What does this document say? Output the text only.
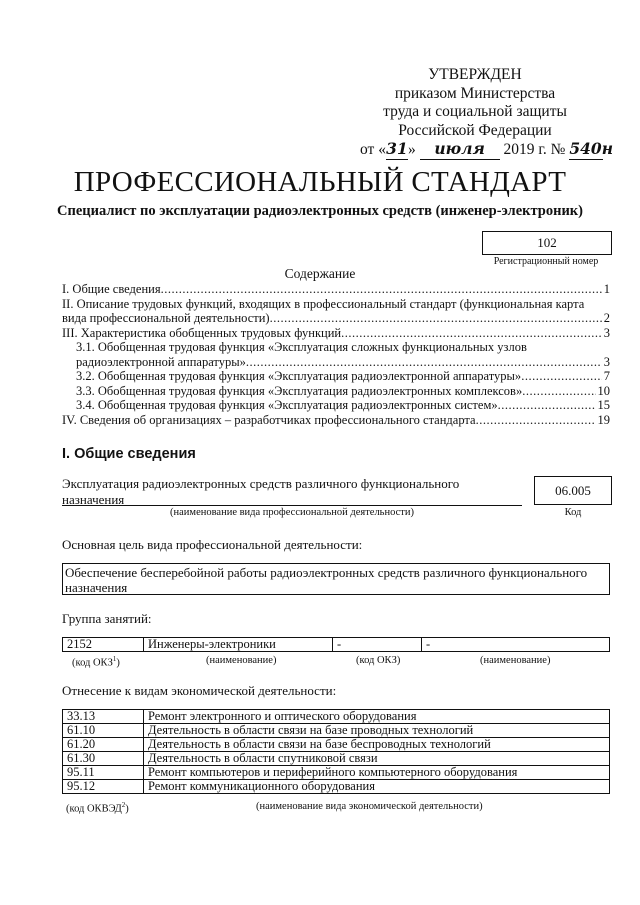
УТВЕРЖДЕН
приказом Министерства
труда и социальной защиты
Российской Федерации
от «31» июля 2019 г. № 540н
ПРОФЕССИОНАЛЬНЫЙ СТАНДАРТ
Специалист по эксплуатации радиоэлектронных средств (инженер-электроник)
102
Регистрационный номер
Содержание
I. Общие сведения .....	1
II. Описание трудовых функций, входящих в профессиональный стандарт (функциональная карта
вида профессиональной деятельности) .....	2
III. Характеристика обобщенных трудовых функций .....	3
3.1. Обобщенная трудовая функция «Эксплуатация сложных функциональных узлов
радиоэлектронной аппаратуры» .....	3
3.2. Обобщенная трудовая функция «Эксплуатация радиоэлектронной аппаратуры» .....	7
3.3. Обобщенная трудовая функция «Эксплуатация радиоэлектронных комплексов» .....	10
3.4. Обобщенная трудовая функция «Эксплуатация радиоэлектронных систем» .....	15
IV. Сведения об организациях – разработчиках профессионального стандарта .....	19
I. Общие сведения
Эксплуатация радиоэлектронных средств различного функционального
назначения
(наименование вида профессиональной деятельности)
06.005
Код
Основная цель вида профессиональной деятельности:
Обеспечение бесперебойной работы радиоэлектронных средств различного функционального
назначения
Группа занятий:
2152	Инженеры-электроники	-	-
(код ОКЗ$^1$)	(наименование)	(код ОКЗ)	(наименование)
Отнесение к видам экономической деятельности:
33.13	Ремонт электронного и оптического оборудования
61.10	Деятельность в области связи на базе проводных технологий
61.20	Деятельность в области связи на базе беспроводных технологий
61.30	Деятельность в области спутниковой связи
95.11	Ремонт компьютеров и периферийного компьютерного оборудования
95.12	Ремонт коммуникационного оборудования
(код ОКВЭД$^2$)	(наименование вида экономической деятельности)
